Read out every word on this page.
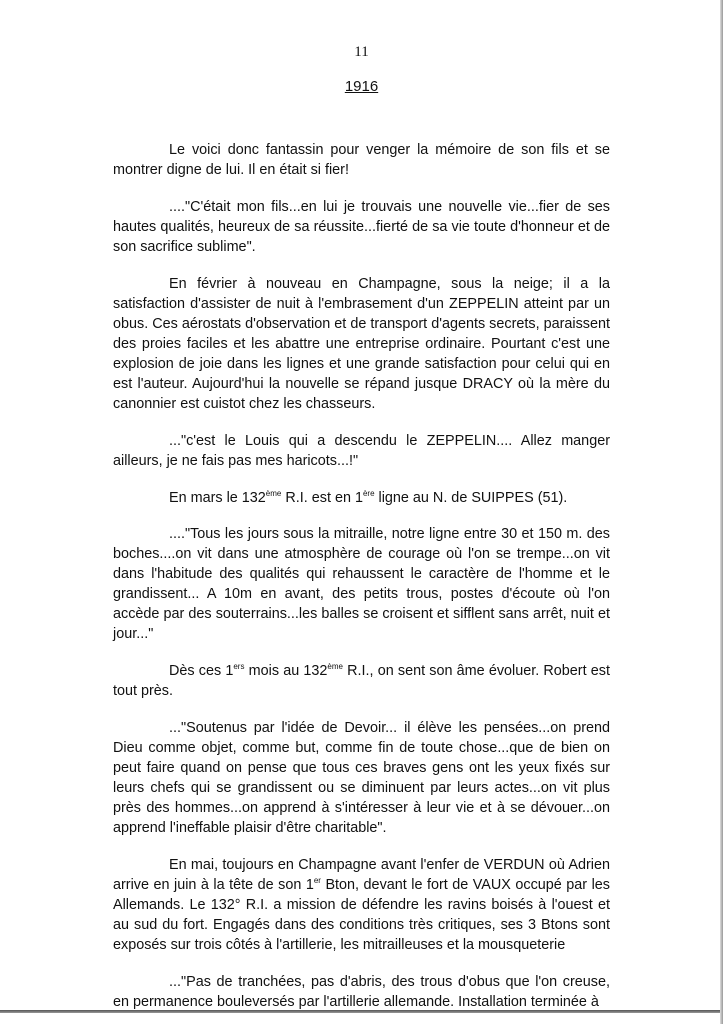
11
1916

Le voici donc fantassin pour venger la mémoire de son fils et se montrer digne de lui. Il en était si fier!

...."C'était mon fils...en lui je trouvais une nouvelle vie...fier de ses hautes qualités, heureux de sa réussite...fierté de sa vie toute d'honneur et de son sacrifice sublime".

En février à nouveau en Champagne, sous la neige; il a la satisfaction d'assister de nuit à l'embrasement d'un ZEPPELIN atteint par un obus. Ces aérostats d'observation et de transport d'agents secrets, paraissent des proies faciles et les abattre une entreprise ordinaire. Pourtant c'est une explosion de joie dans les lignes et une grande satisfaction pour celui qui en est l'auteur. Aujourd'hui la nouvelle se répand jusque DRACY où la mère du canonnier est cuistot chez les chasseurs.

..."c'est le Louis qui a descendu le ZEPPELIN.... Allez manger ailleurs, je ne fais pas mes haricots...!"

En mars le 132ème R.I. est en 1ère ligne au N. de SUIPPES (51).

...."Tous les jours sous la mitraille, notre ligne entre 30 et 150 m. des boches....on vit dans une atmosphère de courage où l'on se trempe...on vit dans l'habitude des qualités qui rehaussent le caractère de l'homme et le grandissent... A 10m en avant, des petits trous, postes d'écoute où l'on accède par des souterrains...les balles se croisent et sifflent sans arrêt, nuit et jour..."

Dès ces 1ers mois au 132ème R.I., on sent son âme évoluer. Robert est tout près.

..."Soutenus par l'idée de Devoir... il élève les pensées...on prend Dieu comme objet, comme but, comme fin de toute chose...que de bien on peut faire quand on pense que tous ces braves gens ont les yeux fixés sur leurs chefs qui se grandissent ou se diminuent par leurs actes...on vit plus près des hommes...on apprend à s'intéresser à leur vie et à se dévouer...on apprend l'ineffable plaisir d'être charitable".

En mai, toujours en Champagne avant l'enfer de VERDUN où Adrien arrive en juin à la tête de son 1er Bton, devant le fort de VAUX occupé par les Allemands. Le 132° R.I. a mission de défendre les ravins boisés à l'ouest et au sud du fort. Engagés dans des conditions très critiques, ses 3 Btons sont exposés sur trois côtés à l'artillerie, les mitrailleuses et la mousqueterie

..."Pas de tranchées, pas d'abris, des trous d'obus que l'on creuse, en permanence bouleversés par l'artillerie allemande. Installation terminée à
